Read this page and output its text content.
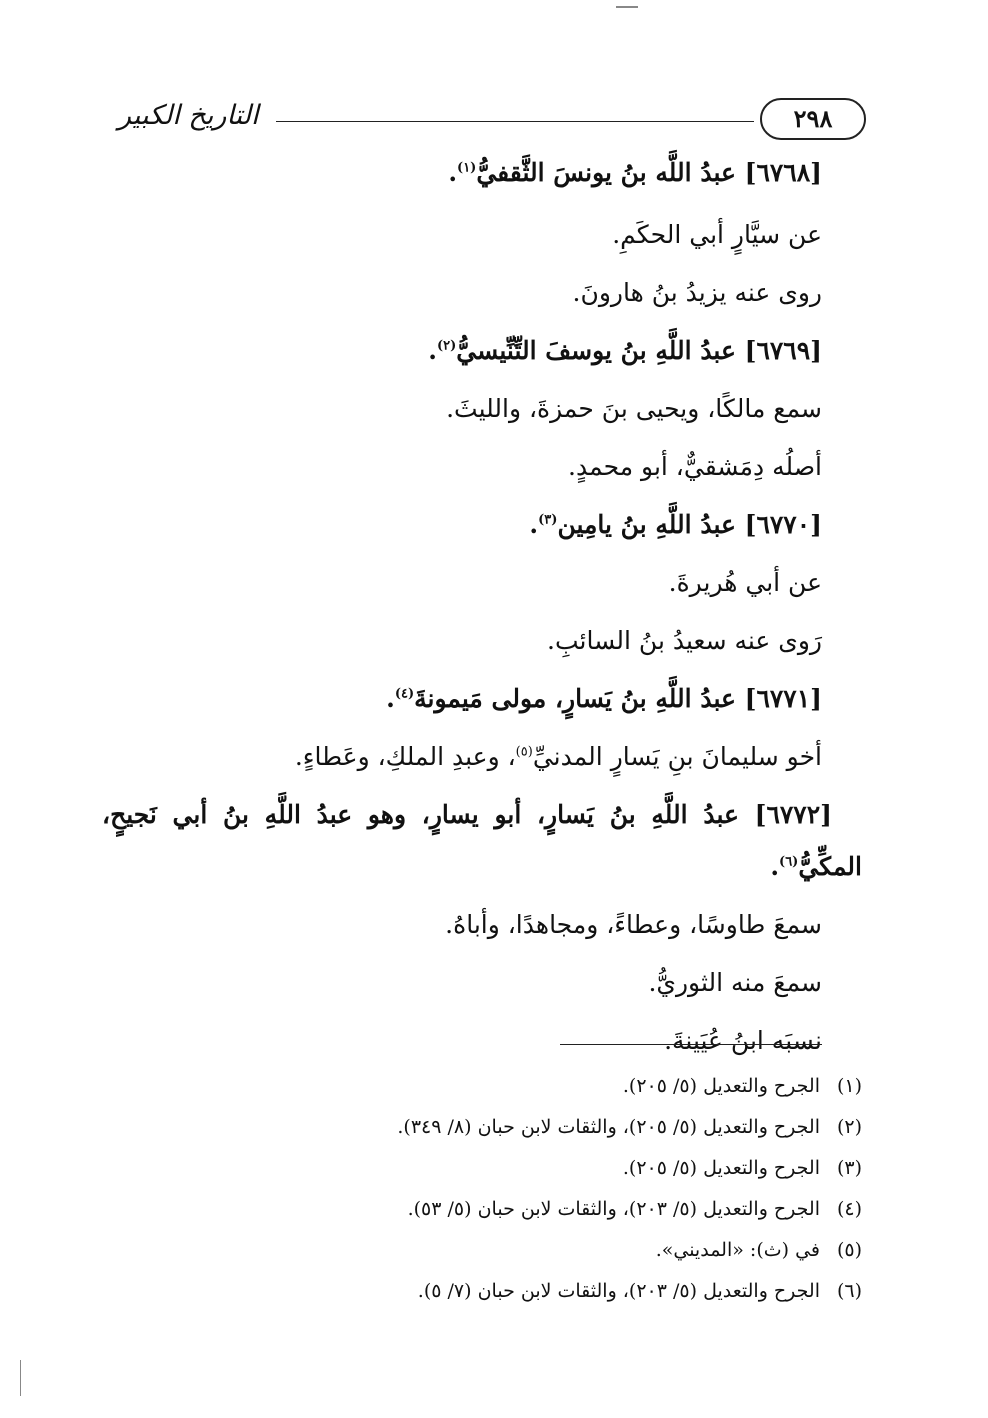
التاريخ الكبير	٢٩٨
[٦٧٦٨] عبدُ اللَّه بنُ يونسَ الثَّقفيُّ$^{(١)}$.
عن سيَّارٍ أبي الحكَمِ.
روى عنه يزيدُ بنُ هارونَ.
[٦٧٦٩] عبدُ اللَّهِ بنُ يوسفَ التِّنِّيسيُّ$^{(٢)}$.
سمع مالكًا، ويحيى بنَ حمزةَ، والليثَ.
أصلُه دِمَشقيٌّ، أبو محمدٍ.
[٦٧٧٠] عبدُ اللَّهِ بنُ يامِين$^{(٣)}$.
عن أبي هُريرةَ.
رَوى عنه سعيدُ بنُ السائبِ.
[٦٧٧١] عبدُ اللَّهِ بنُ يَسارٍ، مولى مَيمونةَ$^{(٤)}$.
أخو سليمانَ بنِ يَسارٍ المدنيِّ$^{(٥)}$، وعبدِ الملكِ، وعَطاءٍ.
[٦٧٧٢] عبدُ اللَّهِ بنُ يَسارٍ، أبو يسارٍ، وهو عبدُ اللَّهِ بنُ أبي نَجيحٍ،
المكِّيُّ$^{(٦)}$.
سمعَ طاوسًا، وعطاءً، ومجاهدًا، وأباهُ.
سمعَ منه الثوريُّ.
نسبَه ابنُ عُيَينةَ.
(١)الجرح والتعديل (٥/ ٢٠٥).
(٢)الجرح والتعديل (٥/ ٢٠٥)، والثقات لابن حبان (٨/ ٣٤٩).
(٣)الجرح والتعديل (٥/ ٢٠٥).
(٤)الجرح والتعديل (٥/ ٢٠٣)، والثقات لابن حبان (٥/ ٥٣).
(٥)في (ث): «المديني».
(٦)الجرح والتعديل (٥/ ٢٠٣)، والثقات لابن حبان (٧/ ٥).
